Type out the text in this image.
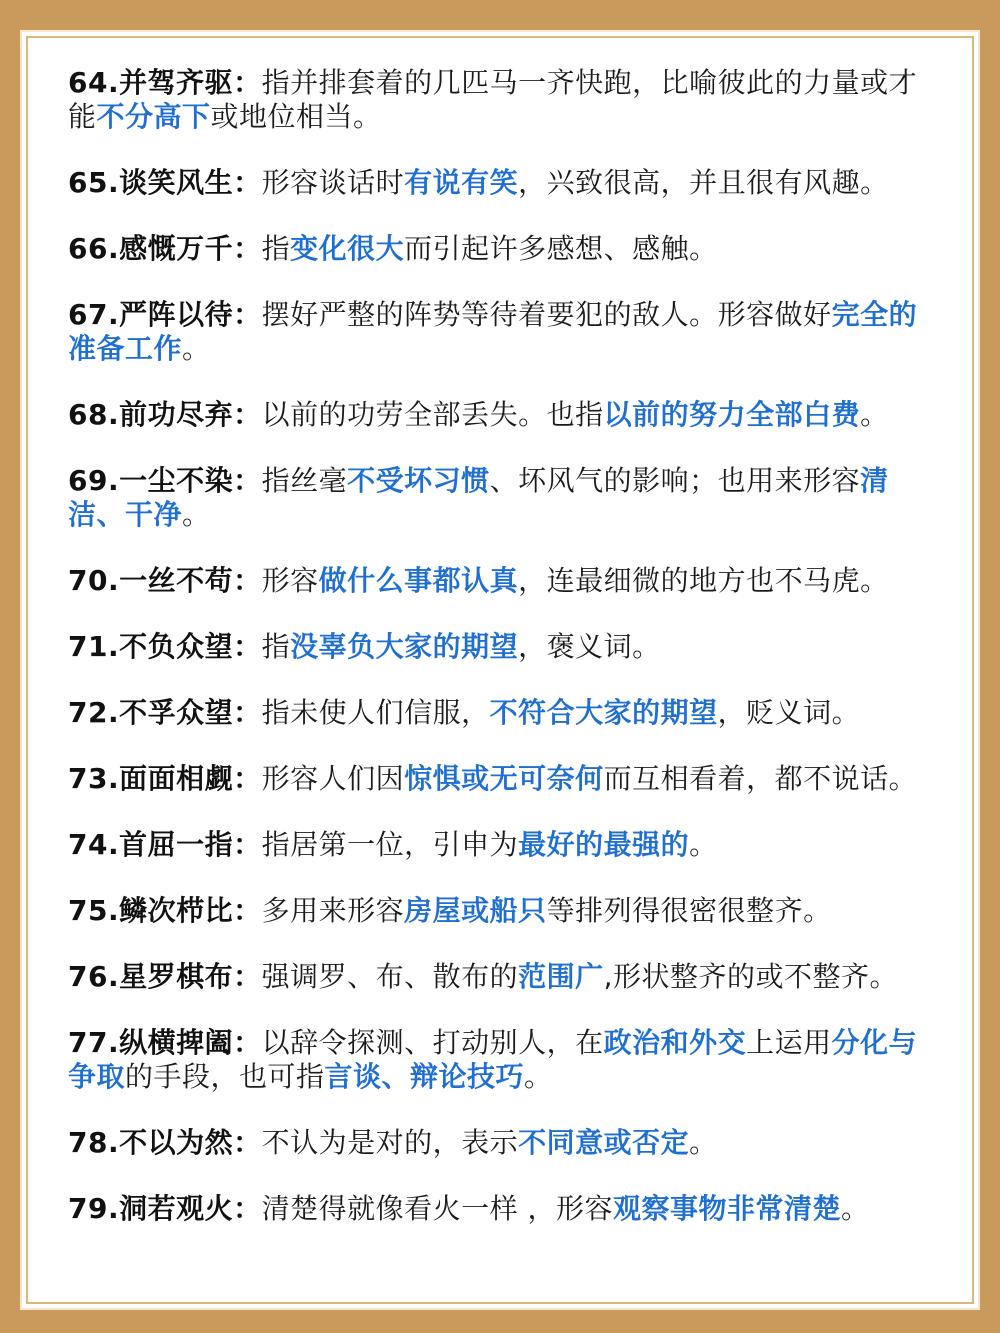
64.并驾齐驱：指并排套着的几匹马一齐快跑，比喻彼此的力量或才能不分高下或地位相当。

65.谈笑风生：形容谈话时有说有笑，兴致很高，并且很有风趣。

66.感慨万千：指变化很大而引起许多感想、感触。

67.严阵以待：摆好严整的阵势等待着要犯的敌人。形容做好完全的准备工作。

68.前功尽弃：以前的功劳全部丢失。也指以前的努力全部白费。

69.一尘不染：指丝毫不受坏习惯、坏风气的影响；也用来形容清洁、干净。

70.一丝不苟：形容做什么事都认真，连最细微的地方也不马虎。

71.不负众望：指没辜负大家的期望，褒义词。

72.不孚众望：指未使人们信服，不符合大家的期望，贬义词。

73.面面相觑：形容人们因惊惧或无可奈何而互相看着，都不说话。

74.首屈一指：指居第一位，引申为最好的最强的。

75.鳞次栉比：多用来形容房屋或船只等排列得很密很整齐。

76.星罗棋布：强调罗、布、散布的范围广,形状整齐的或不整齐。

77.纵横捭阖：以辞令探测、打动别人，在政治和外交上运用分化与争取的手段，也可指言谈、辩论技巧。

78.不以为然：不认为是对的，表示不同意或否定。

79.洞若观火：清楚得就像看火一样 ，形容观察事物非常清楚。
